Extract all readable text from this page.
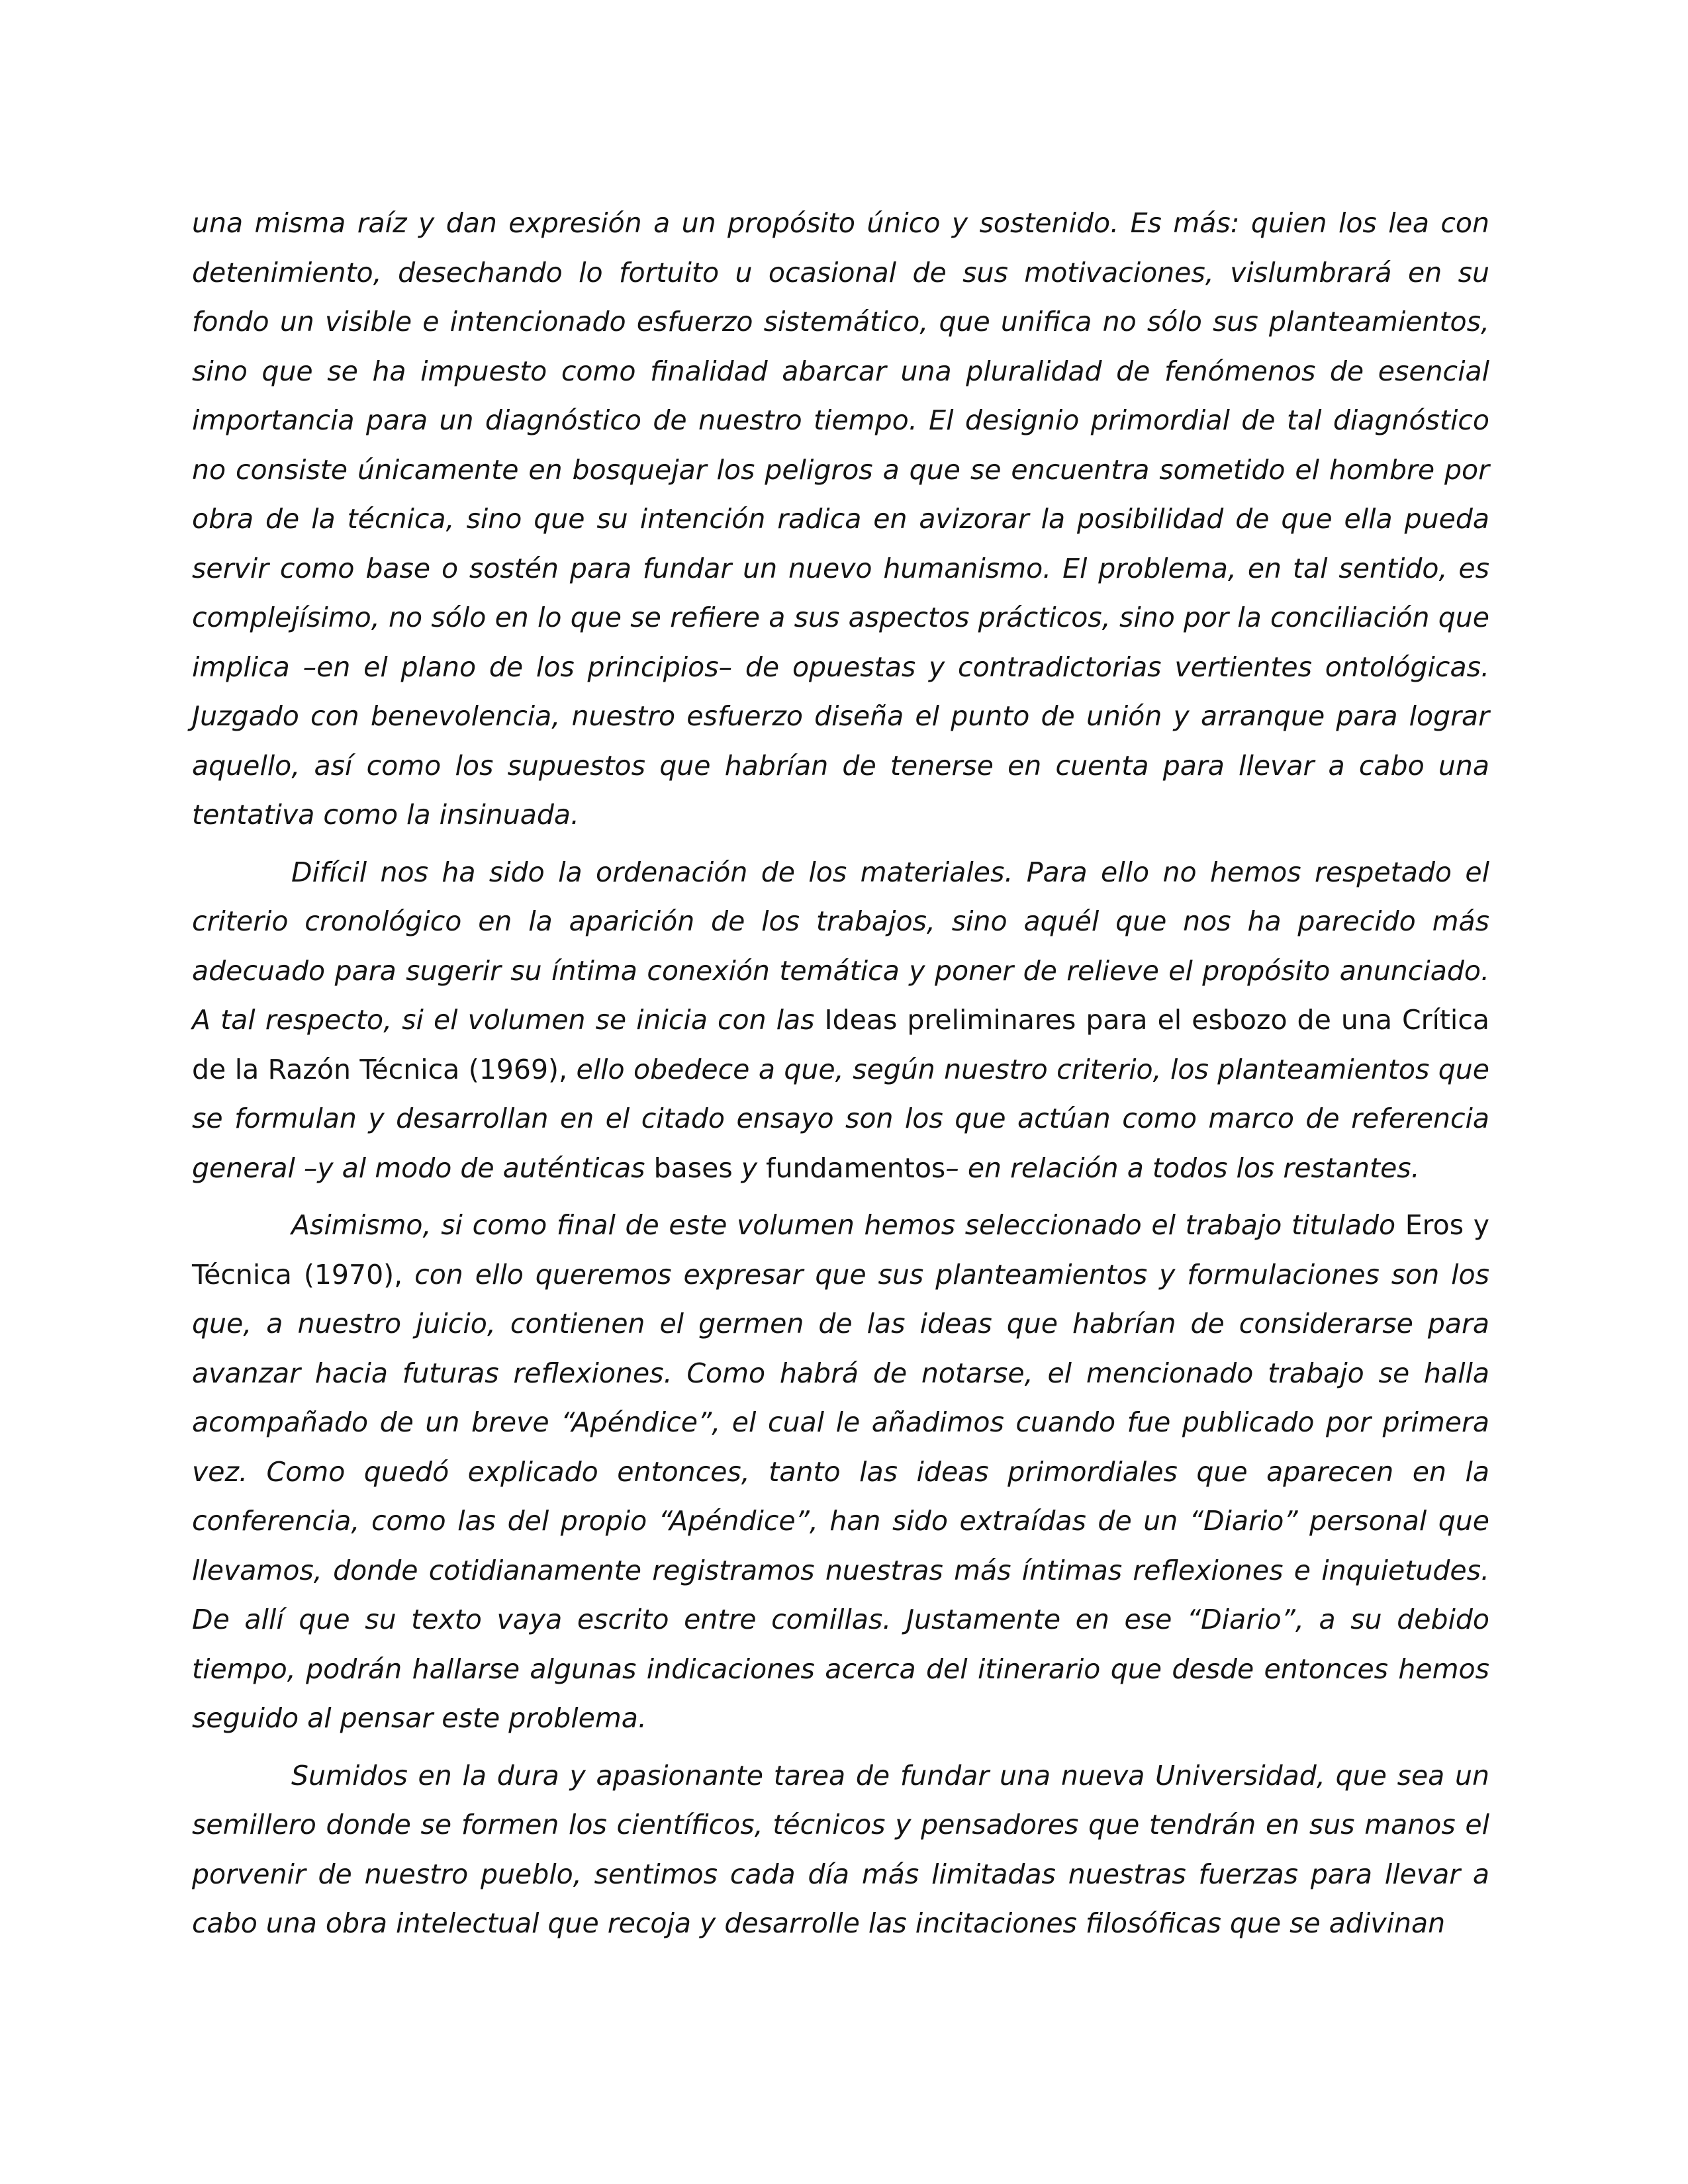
una misma raíz y dan expresión a un propósito único y sostenido. Es más: quien los lea con detenimiento, desechando lo fortuito u ocasional de sus motivaciones, vislumbrará en su fondo un visible e intencionado esfuerzo sistemático, que unifica no sólo sus planteamientos, sino que se ha impuesto como finalidad abarcar una pluralidad de fenómenos de esencial importancia para un diagnóstico de nuestro tiempo. El designio primordial de tal diagnóstico no consiste únicamente en bosquejar los peligros a que se encuentra sometido el hombre por obra de la técnica, sino que su intención radica en avizorar la posibilidad de que ella pueda servir como base o sostén para fundar un nuevo humanismo. El problema, en tal sentido, es complejísimo, no sólo en lo que se refiere a sus aspectos prácticos, sino por la conciliación que implica –en el plano de los principios– de opuestas y contradictorias vertientes ontológicas. Juzgado con benevolencia, nuestro esfuerzo diseña el punto de unión y arranque para lograr aquello, así como los supuestos que habrían de tenerse en cuenta para llevar a cabo una tentativa como la insinuada.

Difícil nos ha sido la ordenación de los materiales. Para ello no hemos respetado el criterio cronológico en la aparición de los trabajos, sino aquél que nos ha parecido más adecuado para sugerir su íntima conexión temática y poner de relieve el propósito anunciado. A tal respecto, si el volumen se inicia con las Ideas preliminares para el esbozo de una Crítica de la Razón Técnica (1969), ello obedece a que, según nuestro criterio, los planteamientos que se formulan y desarrollan en el citado ensayo son los que actúan como marco de referencia general –y al modo de auténticas bases y fundamentos– en relación a todos los restantes.

Asimismo, si como final de este volumen hemos seleccionado el trabajo titulado Eros y Técnica (1970), con ello queremos expresar que sus planteamientos y formulaciones son los que, a nuestro juicio, contienen el germen de las ideas que habrían de considerarse para avanzar hacia futuras reflexiones. Como habrá de notarse, el mencionado trabajo se halla acompañado de un breve “Apéndice”, el cual le añadimos cuando fue publicado por primera vez. Como quedó explicado entonces, tanto las ideas primordiales que aparecen en la conferencia, como las del propio “Apéndice”, han sido extraídas de un “Diario” personal que llevamos, donde cotidianamente registramos nuestras más íntimas reflexiones e inquietudes. De allí que su texto vaya escrito entre comillas. Justamente en ese “Diario”, a su debido tiempo, podrán hallarse algunas indicaciones acerca del itinerario que desde entonces hemos seguido al pensar este problema.

Sumidos en la dura y apasionante tarea de fundar una nueva Universidad, que sea un semillero donde se formen los científicos, técnicos y pensadores que tendrán en sus manos el porvenir de nuestro pueblo, sentimos cada día más limitadas nuestras fuerzas para llevar a cabo una obra intelectual que recoja y desarrolle las incitaciones filosóficas que se adivinan
